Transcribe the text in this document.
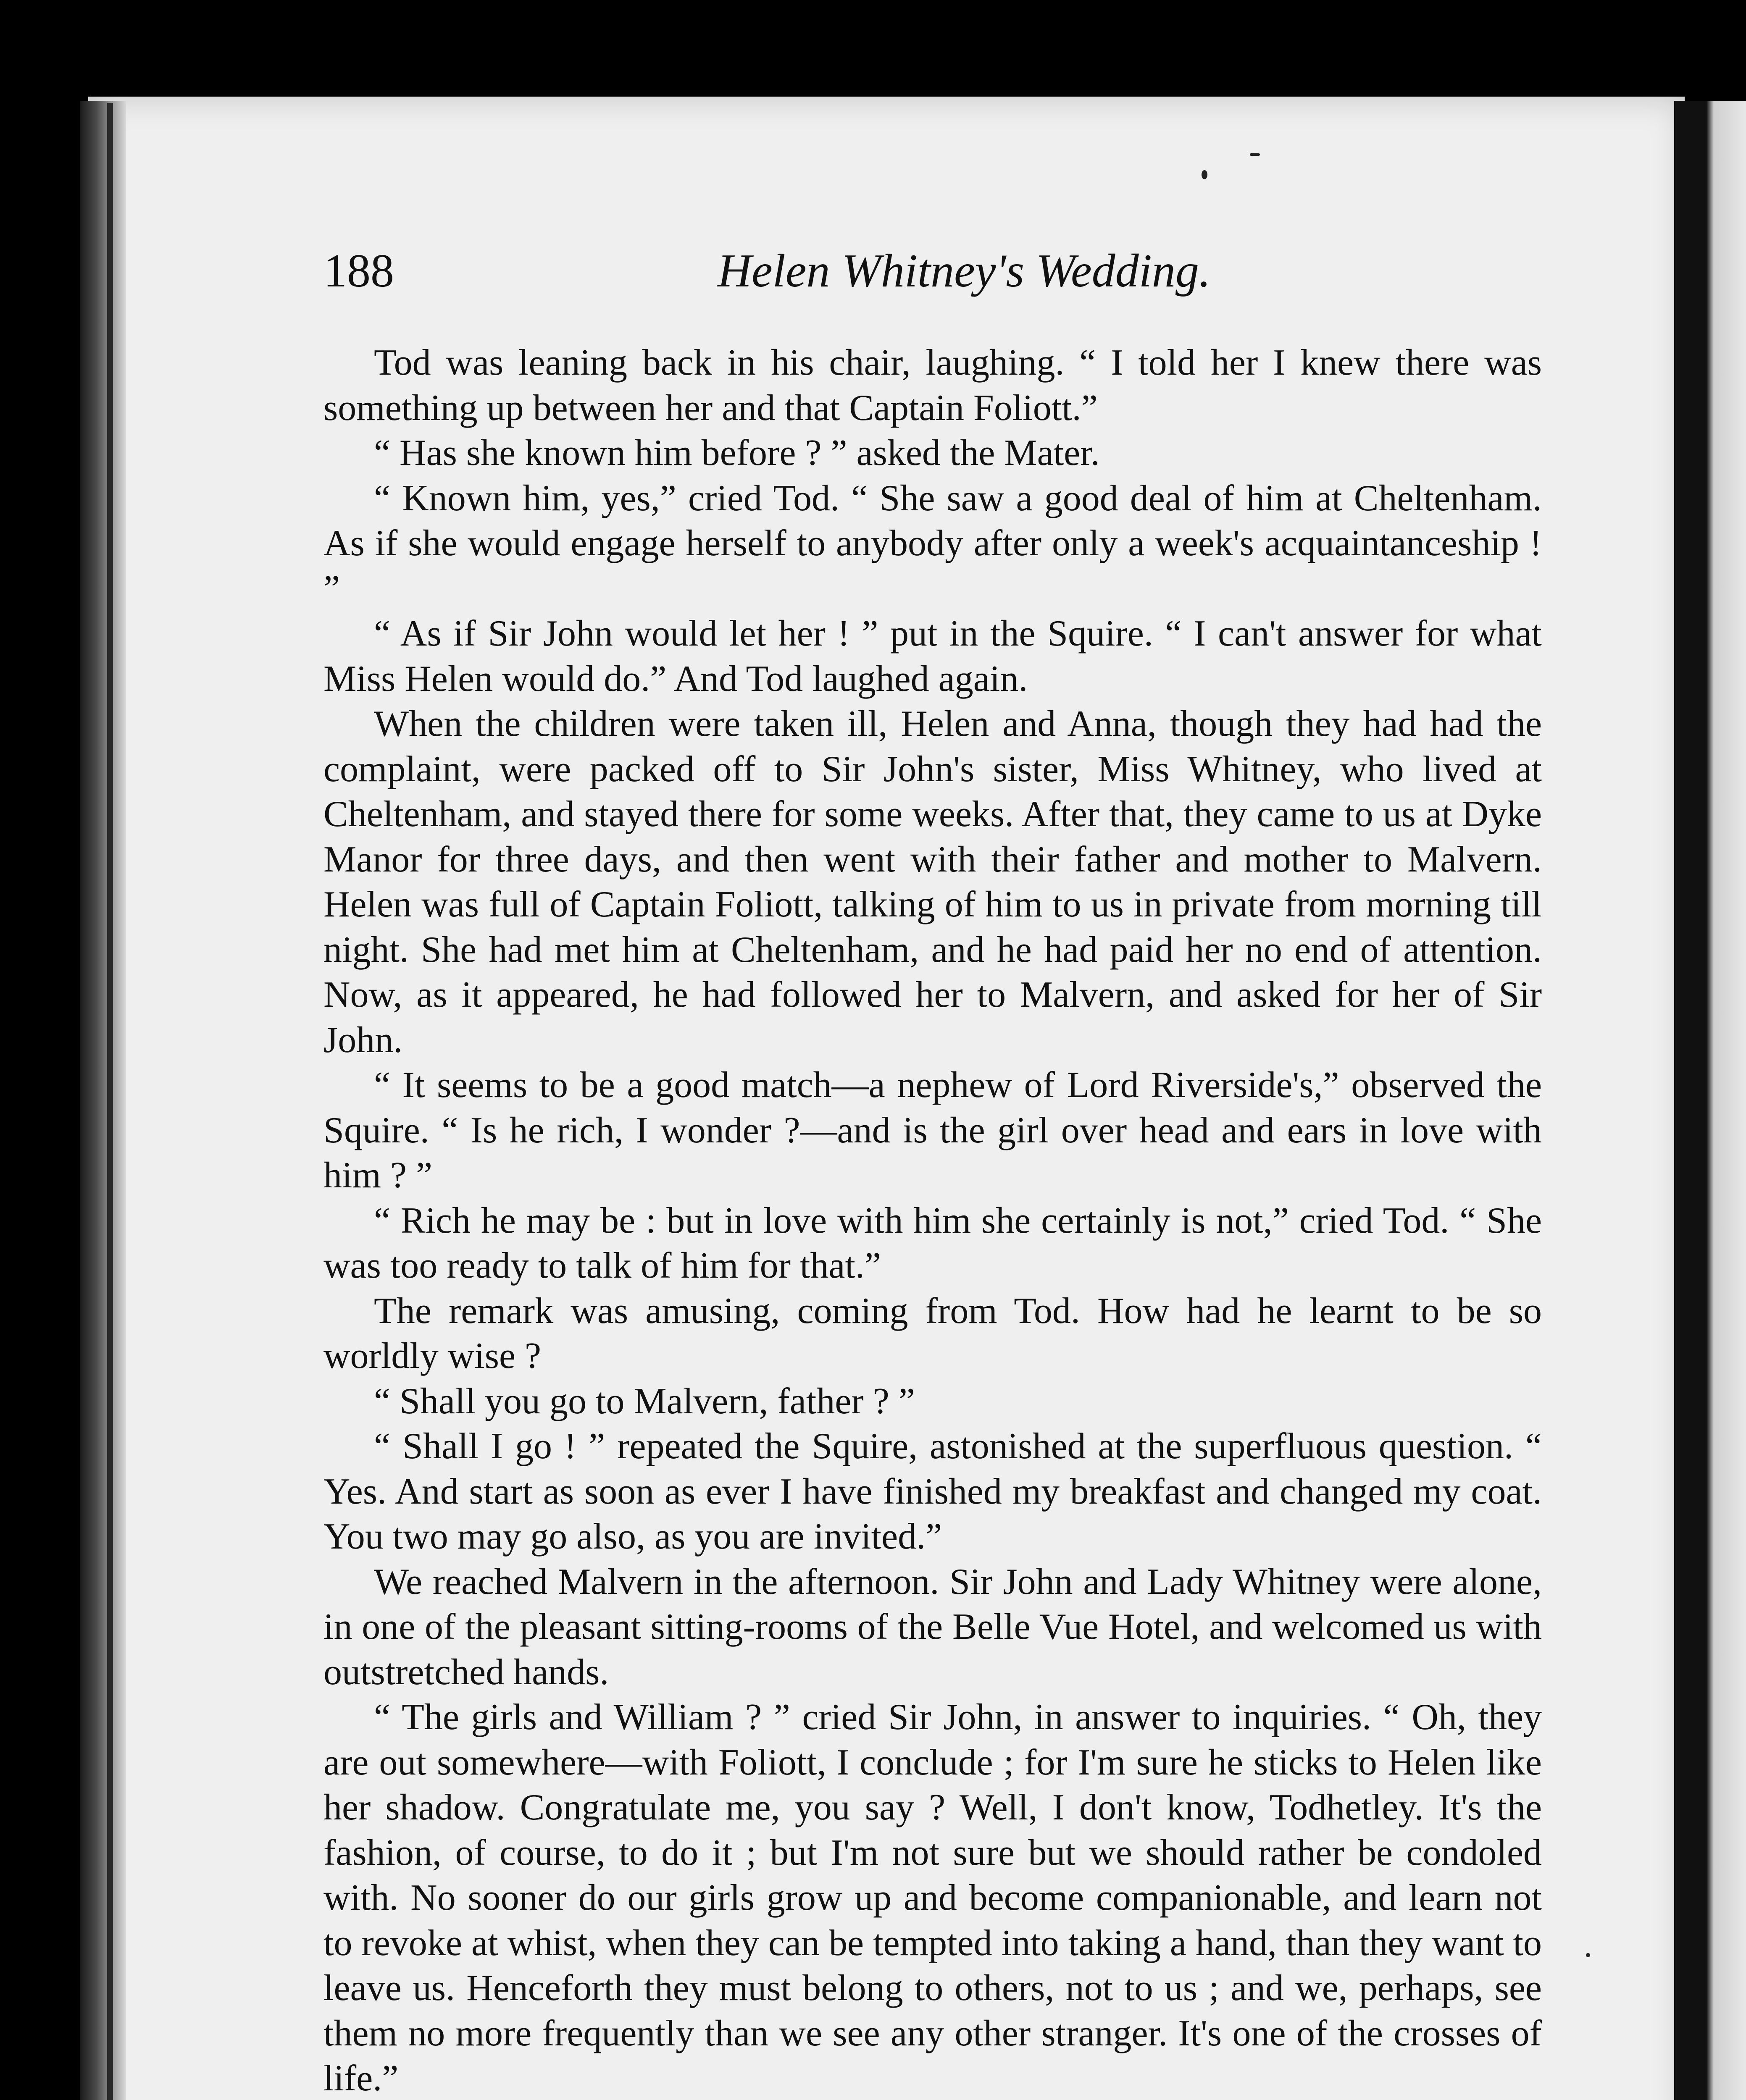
188	Helen Whitney's Wedding.

Tod was leaning back in his chair, laughing. “ I told her I knew there was something up between her and that Captain Foliott.”

“ Has she known him before ? ” asked the Mater.

“ Known him, yes,” cried Tod. “ She saw a good deal of him at Cheltenham. As if she would engage herself to anybody after only a week's acquaintanceship ! ”

“ As if Sir John would let her ! ” put in the Squire. “ I can't answer for what Miss Helen would do.” And Tod laughed again.

When the children were taken ill, Helen and Anna, though they had had the complaint, were packed off to Sir John's sister, Miss Whitney, who lived at Cheltenham, and stayed there for some weeks. After that, they came to us at Dyke Manor for three days, and then went with their father and mother to Malvern. Helen was full of Captain Foliott, talking of him to us in private from morning till night. She had met him at Cheltenham, and he had paid her no end of attention. Now, as it appeared, he had followed her to Malvern, and asked for her of Sir John.

“ It seems to be a good match—a nephew of Lord Riverside's,” observed the Squire. “ Is he rich, I wonder ?—and is the girl over head and ears in love with him ? ”

“ Rich he may be : but in love with him she certainly is not,” cried Tod. “ She was too ready to talk of him for that.”

The remark was amusing, coming from Tod. How had he learnt to be so worldly wise ?

“ Shall you go to Malvern, father ? ”

“ Shall I go ! ” repeated the Squire, astonished at the superfluous question. “ Yes. And start as soon as ever I have finished my breakfast and changed my coat. You two may go also, as you are invited.”

We reached Malvern in the afternoon. Sir John and Lady Whitney were alone, in one of the pleasant sitting-rooms of the Belle Vue Hotel, and welcomed us with outstretched hands.

“ The girls and William ? ” cried Sir John, in answer to inquiries. “ Oh, they are out somewhere—with Foliott, I conclude ; for I'm sure he sticks to Helen like her shadow. Congratulate me, you say ? Well, I don't know, Todhetley. It's the fashion, of course, to do it ; but I'm not sure but we should rather be condoled with. No sooner do our girls grow up and become companionable, and learn not to revoke at whist, when they can be tempted into taking a hand, than they want to leave us. Henceforth they must belong to others, not to us ; and we, perhaps, see them no more frequently than we see any other stranger. It's one of the crosses of life.”
